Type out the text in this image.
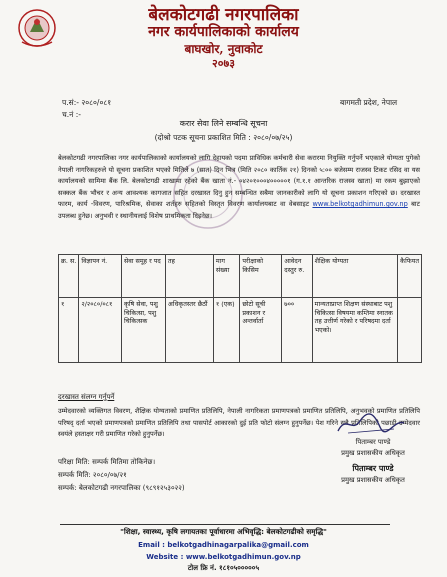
बेलकोटगढी नगरपालिका
नगर कार्यपालिकाको कार्यालय
बाघखोर, नुवाकोट
२०७३
प.सं:- २०८०/०८१
च.नं :-
बागमती प्रदेश, नेपाल
करार सेवा लिने सम्बन्धि सूचना
(दोश्रो पटक सूचना प्रकाशित मिति : २०८०/०७/२५)
बेलकोटगढी नगरपालिका नगर कार्यपालिकाको कार्यालयको लागि देहायको पदमा प्राविधिक कर्मचारी सेवा करारमा नियुक्ति गर्नुपर्ने भएकाले योग्यता पुगेको नेपाली नागरिकहरुले यो सूचना प्रकाशित भएको मितिले ७ (सात) दिन भित्र (मिति २०८० कार्तिक २१) दिनको ५:०० बजेसम्म राजस्व टिकट रसिद वा यस कार्यालयको सामिमा बैंक लि. बेलकोटगढी शाखामा रहेको बैंक खाता नं.- ०४२०१०००४०००००१ (ग.१.१ आन्तरिक राजस्व खाता) मा रकम बुझाएको सक्कल बैंक भौचर र अन्य आवश्यक कागजात सहित दरखास्त दिनु हुन सम्बन्धित सबैमा जानकारीको लागि यो सूचना प्रकाशन गरिएको छ। दरखास्त फारम, कार्य -विवरण, पारिश्रमिक, सेवाका शर्तहरु सहितको विस्तृत विवरण कार्यालयबाट वा वेबसाइट www.belkotgadhimun.gov.np बाट उपलब्ध हुनेछ। अनुभवी र स्थानीयलाई विशेष प्राथमिकता दिइनेछ।
क्र. स.	विज्ञापन नं.	सेवा समूह र पद	तह	माग संख्या	परीक्षाको किसिम	आवेदन दस्तुर रु.	शैक्षिक योग्यता	कैफियत
१	२/२०८०/०८१	कृषि सेवा, पशु चिकित्सा, पशु चिकित्सक	अधिकृतस्तर छैठौं	१ (एक)	छोटो सूची प्रकाशन र अन्तर्वार्ता	७००	मान्यताप्राप्त शिक्षण संस्थाबाट पशु चिकित्सा विषयमा कम्तिमा स्नातक तह उत्तीर्ण गरेको र परिषदमा दर्ता भएको।	
दरखास्त संलग्न गर्नुपर्ने
उम्मेदवारको व्यक्तिगत विवरण, शैक्षिक योग्यताको प्रमाणित प्रतिलिपि, नेपाली नागरिकता प्रमाणपत्रको प्रमाणित प्रतिलिपि, अनुभवको प्रमाणित प्रतिलिपि परिषद् दर्ता भएको प्रमाणपत्रको प्रमाणित प्रतिलिपि तथा पासपोर्ट आकारको दुई प्रति फोटो संलग्न हुनुपर्नेछ। पेश गरिने सबै प्रतिलिपिको पछाडी उम्मेदवार स्वयंले हस्ताक्षर गरी प्रमाणित गरेको हुनुपर्नेछ।
परिक्षा मिति: सम्पर्क मितिमा तोकिनेछ।
सम्पर्क मिति: २०८०/०७/२१
सम्पर्क: बेलकोटगढी नगरपालिका (९८९१२५३०२२)
पिताम्बर पाण्डे
प्रमुख प्रशासकीय अधिकृत
पिताम्बर पाण्डे
प्रमुख प्रशासकीय अधिकृत
"शिक्षा, स्वास्थ्य, कृषि लगायतका पूर्वाधारमा अभिवृद्धि: बेलकोटगढीको समृद्धि"
Email : belkotgadhinagarpalika@gmail.com
Website : www.belkotgadhimun.gov.np
टोल फ्रि नं. १८१०५०००००५
